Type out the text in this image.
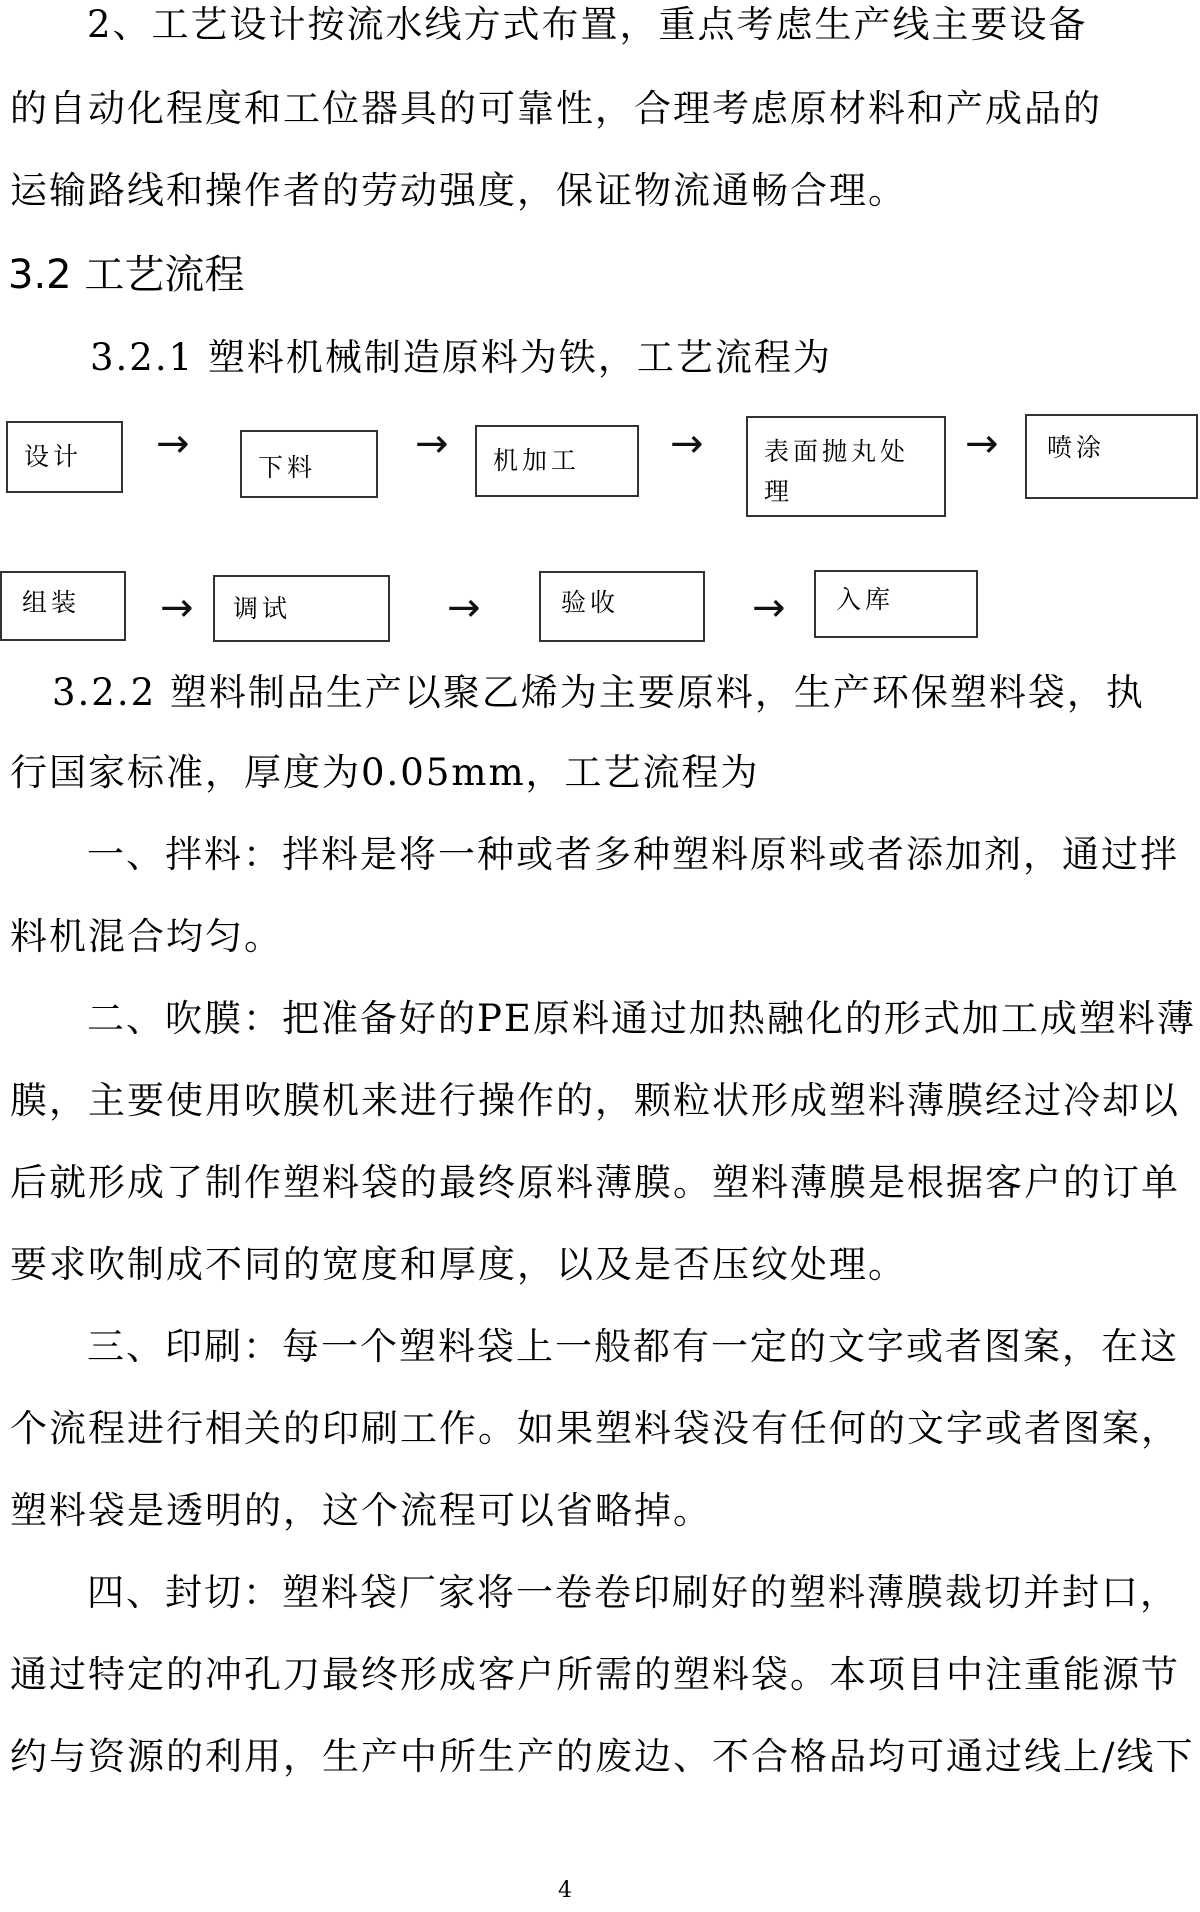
2、工艺设计按流水线方式布置，重点考虑生产线主要设备
的自动化程度和工位器具的可靠性，合理考虑原材料和产成品的
运输路线和操作者的劳动强度，保证物流通畅合理。
3.2 工艺流程
3.2.1 塑料机械制造原料为铁，工艺流程为
设计	→
下料
→ 机加工	→ 表面抛丸处理
→ 喷涂
组装	→ 调试	→	验收	→ 入库
3.2.2 塑料制品生产以聚乙烯为主要原料，生产环保塑料袋，执
行国家标准，厚度为0.05mm，工艺流程为
一、拌料：拌料是将一种或者多种塑料原料或者添加剂，通过拌
料机混合均匀。
二、吹膜：把准备好的PE原料通过加热融化的形式加工成塑料薄
膜，主要使用吹膜机来进行操作的，颗粒状形成塑料薄膜经过冷却以
后就形成了制作塑料袋的最终原料薄膜。塑料薄膜是根据客户的订单
要求吹制成不同的宽度和厚度，以及是否压纹处理。
三、印刷：每一个塑料袋上一般都有一定的文字或者图案，在这
个流程进行相关的印刷工作。如果塑料袋没有任何的文字或者图案，
塑料袋是透明的，这个流程可以省略掉。
四、封切：塑料袋厂家将一卷卷印刷好的塑料薄膜裁切并封口，
通过特定的冲孔刀最终形成客户所需的塑料袋。本项目中注重能源节
约与资源的利用，生产中所生产的废边、不合格品均可通过线上/线下
4
